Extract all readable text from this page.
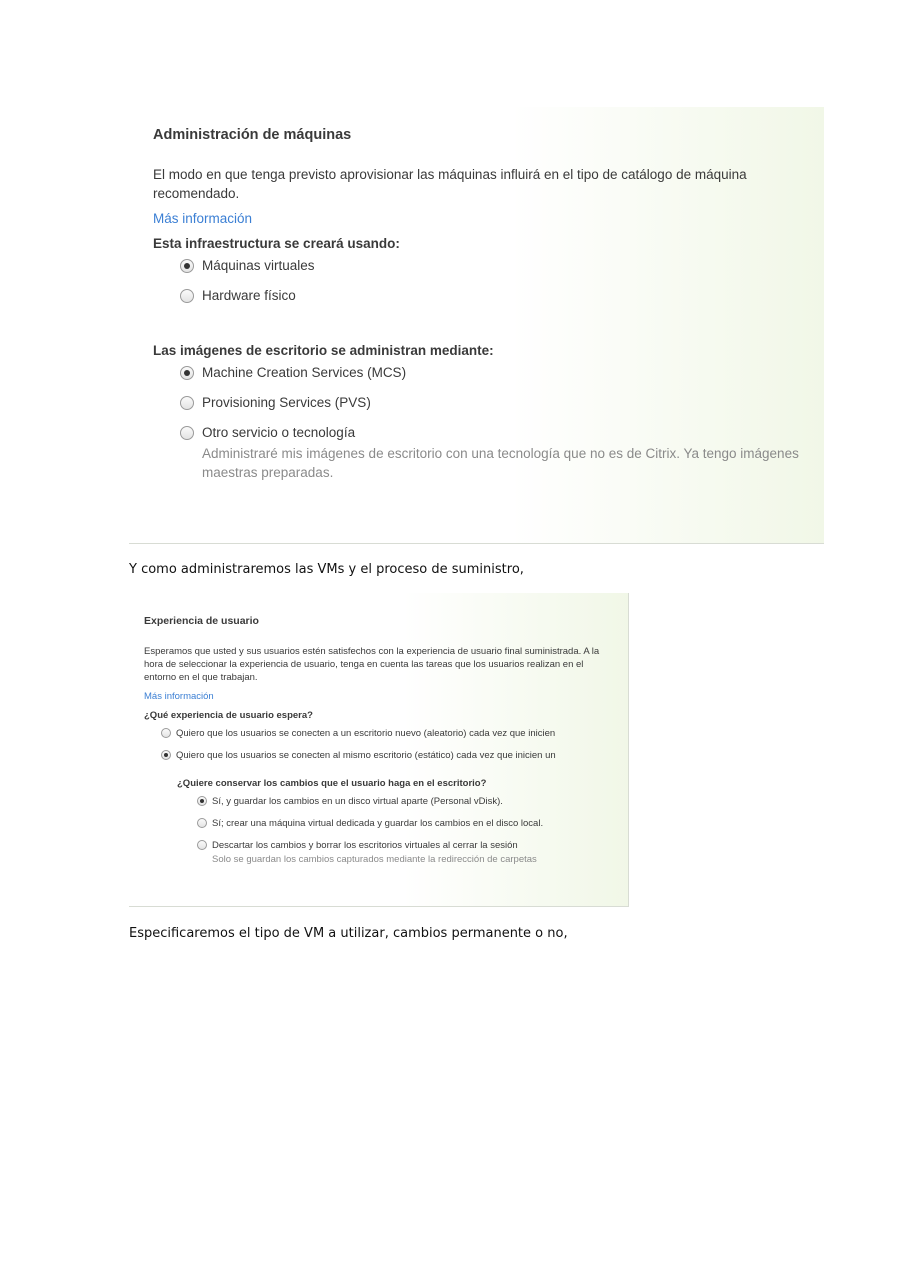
Administración de máquinas
El modo en que tenga previsto aprovisionar las máquinas influirá en el tipo de catálogo de máquina recomendado.
Más información
Esta infraestructura se creará usando:
Máquinas virtuales
Hardware físico
Las imágenes de escritorio se administran mediante:
Machine Creation Services (MCS)
Provisioning Services (PVS)
Otro servicio o tecnología
Administraré mis imágenes de escritorio con una tecnología que no es de Citrix. Ya tengo imágenes maestras preparadas.
Y como administraremos las VMs y el proceso de suministro,
Experiencia de usuario
Esperamos que usted y sus usuarios estén satisfechos con la experiencia de usuario final suministrada. A la hora de seleccionar la experiencia de usuario, tenga en cuenta las tareas que los usuarios realizan en el entorno en el que trabajan.
Más información
¿Qué experiencia de usuario espera?
Quiero que los usuarios se conecten a un escritorio nuevo (aleatorio) cada vez que inicien
Quiero que los usuarios se conecten al mismo escritorio (estático) cada vez que inicien un
¿Quiere conservar los cambios que el usuario haga en el escritorio?
Sí, y guardar los cambios en un disco virtual aparte (Personal vDisk).
Sí; crear una máquina virtual dedicada y guardar los cambios en el disco local.
Descartar los cambios y borrar los escritorios virtuales al cerrar la sesión
Solo se guardan los cambios capturados mediante la redirección de carpetas
Especificaremos el tipo de VM a utilizar, cambios permanente o no,
